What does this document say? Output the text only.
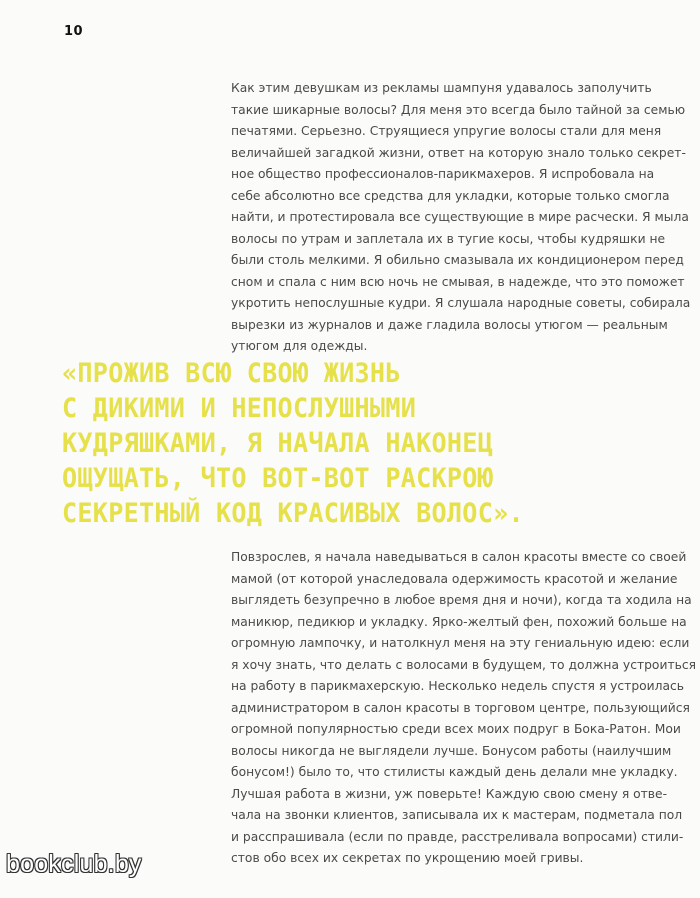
10

Как этим девушкам из рекламы шампуня удавалось заполучить
такие шикарные волосы? Для меня это всегда было тайной за семью
печатями. Серьезно. Струящиеся упругие волосы стали для меня
величайшей загадкой жизни, ответ на которую знало только секрет-
ное общество профессионалов-парикмахеров. Я испробовала на
себе абсолютно все средства для укладки, которые только смогла
найти, и протестировала все существующие в мире расчески. Я мыла
волосы по утрам и заплетала их в тугие косы, чтобы кудряшки не
были столь мелкими. Я обильно смазывала их кондиционером перед
сном и спала с ним всю ночь не смывая, в надежде, что это поможет
укротить непослушные кудри. Я слушала народные советы, собирала
вырезки из журналов и даже гладила волосы утюгом — реальным
утюгом для одежды.

«ПРОЖИВ ВСЮ СВОЮ ЖИЗНЬ
С ДИКИМИ И НЕПОСЛУШНЫМИ
КУДРЯШКАМИ, Я НАЧАЛА НАКОНЕЦ
ОЩУЩАТЬ, ЧТО ВОТ-ВОТ РАСКРОЮ
СЕКРЕТНЫЙ КОД КРАСИВЫХ ВОЛОС».

Повзрослев, я начала наведываться в салон красоты вместе со своей
мамой (от которой унаследовала одержимость красотой и желание
выглядеть безупречно в любое время дня и ночи), когда та ходила на
маникюр, педикюр и укладку. Ярко-желтый фен, похожий больше на
огромную лампочку, и натолкнул меня на эту гениальную идею: если
я хочу знать, что делать с волосами в будущем, то должна устроиться
на работу в парикмахерскую. Несколько недель спустя я устроилась
администратором в салон красоты в торговом центре, пользующийся
огромной популярностью среди всех моих подруг в Бока-Ратон. Мои
волосы никогда не выглядели лучше. Бонусом работы (наилучшим
бонусом!) было то, что стилисты каждый день делали мне укладку.
Лучшая работа в жизни, уж поверьте! Каждую свою смену я отве-
чала на звонки клиентов, записывала их к мастерам, подметала пол
и расспрашивала (если по правде, расстреливала вопросами) стили-
стов обо всех их секретах по укрощению моей гривы.

bookclub.by
